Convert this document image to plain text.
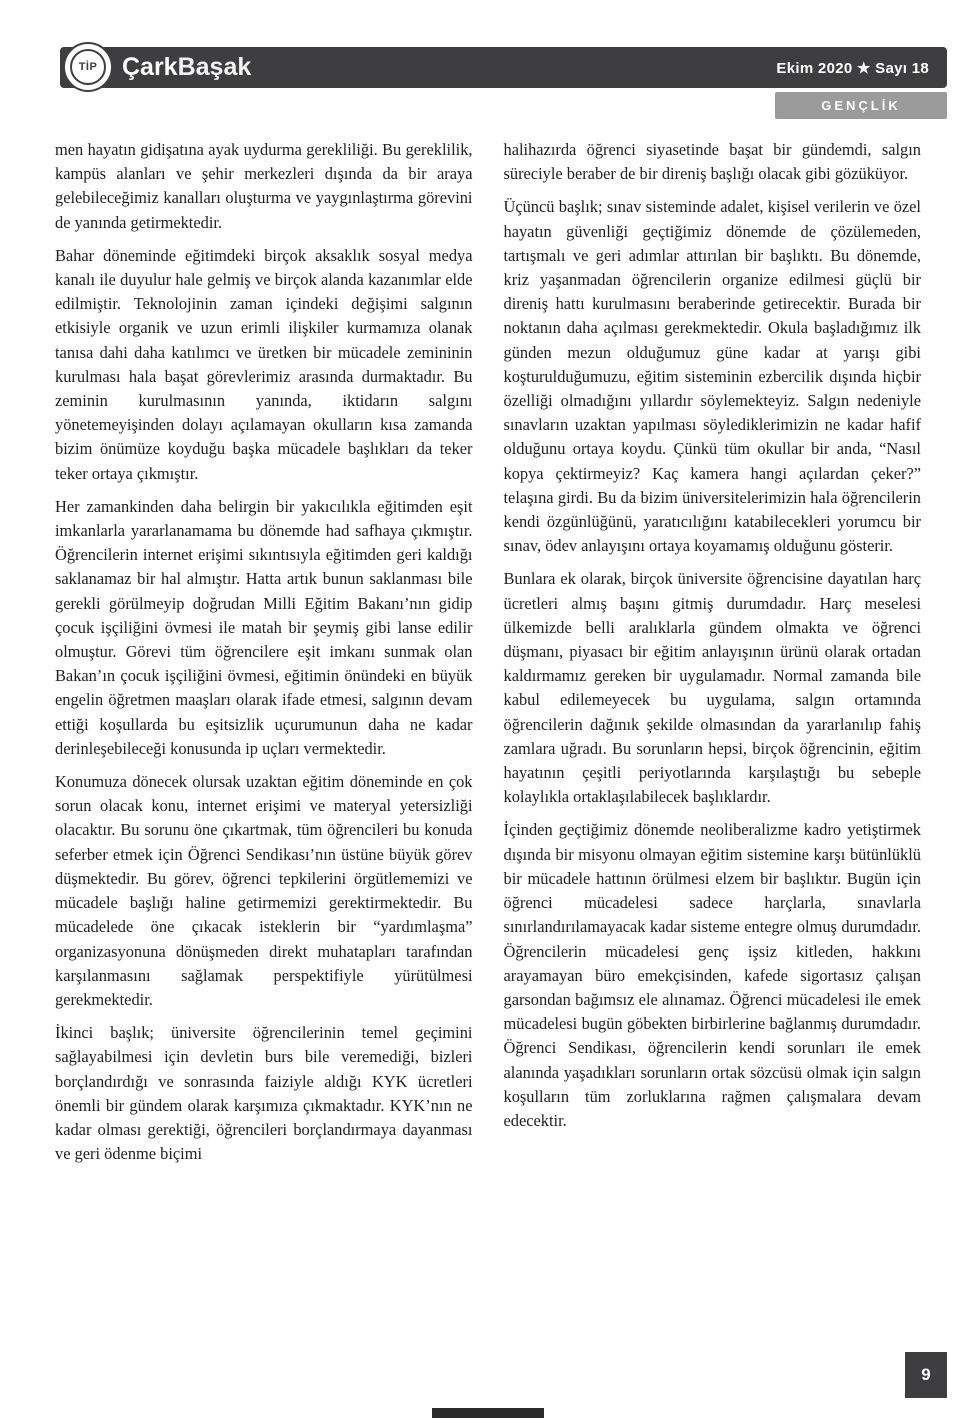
TİP ÇarkBaşak	Ekim 2020 ★ Sayı 18
GENÇLİK

men hayatın gidişatına ayak uydurma gerekliliği. Bu gereklilik, kampüs alanları ve şehir merkezleri dışında da bir araya gelebileceğimiz kanalları oluşturma ve yaygınlaştırma görevini de yanında getirmektedir.

Bahar döneminde eğitimdeki birçok aksaklık sosyal medya kanalı ile duyulur hale gelmiş ve birçok alanda kazanımlar elde edilmiştir. Teknolojinin zaman içindeki değişimi salgının etkisiyle organik ve uzun erimli ilişkiler kurmamıza olanak tanısa dahi daha katılımcı ve üretken bir mücadele zemininin kurulması hala başat görevlerimiz arasında durmaktadır. Bu zeminin kurulmasının yanında, iktidarın salgını yönetemeyişinden dolayı açılamayan okulların kısa zamanda bizim önümüze koyduğu başka mücadele başlıkları da teker teker ortaya çıkmıştır.

Her zamankinden daha belirgin bir yakıcılıkla eğitimden eşit imkanlarla yararlanamama bu dönemde had safhaya çıkmıştır. Öğrencilerin internet erişimi sıkıntısıyla eğitimden geri kaldığı saklanamaz bir hal almıştır. Hatta artık bunun saklanması bile gerekli görülmeyip doğrudan Milli Eğitim Bakanı’nın gidip çocuk işçiliğini övmesi ile matah bir şeymiş gibi lanse edilir olmuştur. Görevi tüm öğrencilere eşit imkanı sunmak olan Bakan’ın çocuk işçiliğini övmesi, eğitimin önündeki en büyük engelin öğretmen maaşları olarak ifade etmesi, salgının devam ettiği koşullarda bu eşitsizlik uçurumunun daha ne kadar derinleşebileceği konusunda ip uçları vermektedir.

Konumuza dönecek olursak uzaktan eğitim döneminde en çok sorun olacak konu, internet erişimi ve materyal yetersizliği olacaktır. Bu sorunu öne çıkartmak, tüm öğrencileri bu konuda seferber etmek için Öğrenci Sendikası’nın üstüne büyük görev düşmektedir. Bu görev, öğrenci tepkilerini örgütlememizi ve mücadele başlığı haline getirmemizi gerektirmektedir. Bu mücadelede öne çıkacak isteklerin bir “yardımlaşma” organizasyonuna dönüşmeden direkt muhatapları tarafından karşılanmasını sağlamak perspektifiyle yürütülmesi gerekmektedir.

İkinci başlık; üniversite öğrencilerinin temel geçimini sağlayabilmesi için devletin burs bile veremediği, bizleri borçlandırdığı ve sonrasında faiziyle aldığı KYK ücretleri önemli bir gündem olarak karşımıza çıkmaktadır. KYK’nın ne kadar olması gerektiği, öğrencileri borçlandırmaya dayanması ve geri ödenme biçimi

halihazırda öğrenci siyasetinde başat bir gündemdi, salgın süreciyle beraber de bir direniş başlığı olacak gibi gözüküyor.

Üçüncü başlık; sınav sisteminde adalet, kişisel verilerin ve özel hayatın güvenliği geçtiğimiz dönemde de çözülemeden, tartışmalı ve geri adımlar attırılan bir başlıktı. Bu dönemde, kriz yaşanmadan öğrencilerin organize edilmesi güçlü bir direniş hattı kurulmasını beraberinde getirecektir. Burada bir noktanın daha açılması gerekmektedir. Okula başladığımız ilk günden mezun olduğumuz güne kadar at yarışı gibi koşturulduğumuzu, eğitim sisteminin ezbercilik dışında hiçbir özelliği olmadığını yıllardır söylemekteyiz. Salgın nedeniyle sınavların uzaktan yapılması söylediklerimizin ne kadar hafif olduğunu ortaya koydu. Çünkü tüm okullar bir anda, “Nasıl kopya çektirmeyiz? Kaç kamera hangi açılardan çeker?” telaşına girdi. Bu da bizim üniversitelerimizin hala öğrencilerin kendi özgünlüğünü, yaratıcılığını katabilecekleri yorumcu bir sınav, ödev anlayışını ortaya koyamamış olduğunu gösterir.

Bunlara ek olarak, birçok üniversite öğrencisine dayatılan harç ücretleri almış başını gitmiş durumdadır. Harç meselesi ülkemizde belli aralıklarla gündem olmakta ve öğrenci düşmanı, piyasacı bir eğitim anlayışının ürünü olarak ortadan kaldırmamız gereken bir uygulamadır. Normal zamanda bile kabul edilemeyecek bu uygulama, salgın ortamında öğrencilerin dağınık şekilde olmasından da yararlanılıp fahiş zamlara uğradı. Bu sorunların hepsi, birçok öğrencinin, eğitim hayatının çeşitli periyotlarında karşılaştığı bu sebeple kolaylıkla ortaklaşılabilecek başlıklardır.

İçinden geçtiğimiz dönemde neoliberalizme kadro yetiştirmek dışında bir misyonu olmayan eğitim sistemine karşı bütünlüklü bir mücadele hattının örülmesi elzem bir başlıktır. Bugün için öğrenci mücadelesi sadece harçlarla, sınavlarla sınırlandırılamayacak kadar sisteme entegre olmuş durumdadır. Öğrencilerin mücadelesi genç işsiz kitleden, hakkını arayamayan büro emekçisinden, kafede sigortasız çalışan garsondan bağımsız ele alınamaz. Öğrenci mücadelesi ile emek mücadelesi bugün göbekten birbirlerine bağlanmış durumdadır. Öğrenci Sendikası, öğrencilerin kendi sorunları ile emek alanında yaşadıkları sorunların ortak sözcüsü olmak için salgın koşulların tüm zorluklarına rağmen çalışmalara devam edecektir.

9
